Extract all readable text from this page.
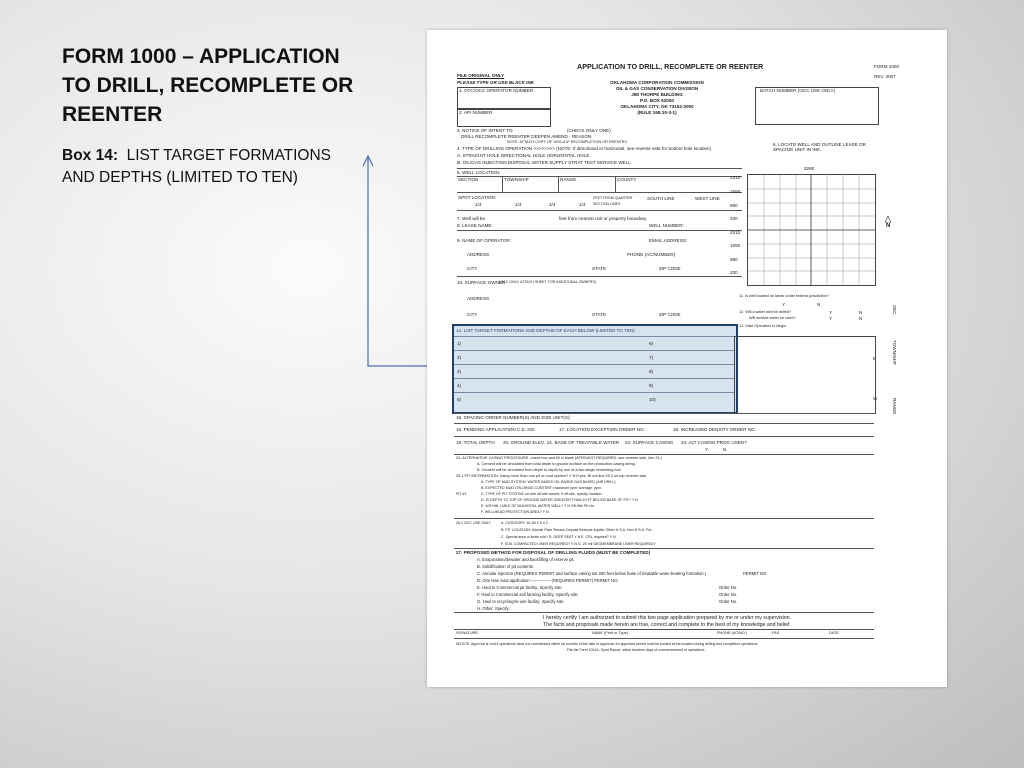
FORM 1000 – APPLICATION TO DRILL, RECOMPLETE OR REENTER
Box 14: LIST TARGET FORMATIONS AND DEPTHS (LIMITED TO TEN)
APPLICATION TO DRILL, RECOMPLETE OR REENTER	FORM 1000
REV. 2007
FILE ORIGINAL ONLY
PLEASE TYPE OR USE BLACK INK	OKLAHOMA CORPORATION COMMISSION
OIL & GAS CONSERVATION DIVISION
JIM THORPE BUILDING
P.O. BOX 52000
OKLAHOMA CITY, OK 73152-2000
(RULE 165:10-3-1)
1. OTC/OCC OPERATOR NUMBER
2. API NUMBER
BATCH NUMBER (OCC USE ONLY)
3. NOTICE OF INTENT TO:	(CHECK ONLY ONE)
DRILL RECOMPLETE REENTER DEEPEN AMEND - REASON
NOTE: ATTACH COPY OF 1002-A IF RECOMPLETION OR REENTRY.
4. TYPE OF DRILLING OPERATION >>>>>>>> (NOTE: If directional or horizontal, see reverse side for bottom hole location)
A. STRAIGHT HOLE DIRECTIONAL HOLE HORIZONTAL HOLE
B. OIL/GAS INJECTION DISPOSAL WATER SUPPLY STRAT TEST SERVICE WELL
6. LOCATE WELL AND OUTLINE LEASE OR SPACING UNIT IN INK.
5. WELL LOCATION:
SECTION	TOWNSHIP	RANGE	COUNTY
SPOT LOCATION:
1/4	1/4	1/4	1/4
FEET FROM QUARTER	SOUTH LINE	WEST LINE
SECTION LINES
7. Well will be	feet from nearest unit or property boundary.
8. LEASE NAME:	WELL NUMBER:
9. NAME OF OPERATOR:	EMAIL ADDRESS:
ADDRESS	PHONE (AC/NUMBER)
CITY	STATE	ZIP CODE
10. SURFACE OWNER
(OCC ONLY, ATTACH SHEET FOR ADDITIONAL OWNERS)
ADDRESS
CITY	STATE	ZIP CODE
5280
2310
1650
990
330
2310
1650
990
330
N
11. Is well located on lands under federal jurisdiction?
Y	N
12. Will a water well be drilled?	Y	N
Will surface water be used?	Y	N
13. Date Operation to Begin
SEC
TOWNSHIP
RANGE
W
E
14. LIST TARGET FORMATIONS AND DEPTHS OF EACH BELOW (LIMITED TO TEN)
1)	6)
2)	7)
3)	8)
4)	9)
5)	10)
15. SPACING ORDER NUMBER(S) AND SIZE UNIT(S):
16. PENDING APPLICATION C.D. NO.	17. LOCATION EXCEPTION ORDER NO.	18. INCREASED DENSITY ORDER NO.
19. TOTAL DEPTH 20. GROUND ELEV. 21. BASE OF TREATABLE WATER 22. SURFACE CASING 23. ALT CASING PROG USED?
Y	N
24. ALTERNATIVE CASING PROCEDURE, check box and fill in blank (AFFIDAVIT REQUIRED, see reverse side, line 21.)
A. Cement will be circulated from total depth to ground surface on the production casing string.
B. Cement will be circulated from depth to depth by use of a two stage cementing tool.
25.1 PIT INFORMATION: Using more than one pit or mud system? Y N If yes, fill out line 25.2 on top reverse side.
A. TYPE OF MUD SYSTEM: WATER BASED OIL BASED GAS BASED (AIR DRILL)
B. EXPECTED MUD CHLORIDE CONTENT: maximum ppm; average: ppm.
PIT #1	C. TYPE OF PIT SYSTEM: on-site off-site closed; If off-site, specify location:
D. IS DEPTH TO TOP OF GROUND WATER GREATER THAN 10 FT BELOW BASE OF PIT? Y N
E. WITHIN 1 MILE OF MUNICIPAL WATER WELL? Y N Off-Site Pit No.
F. WELLHEAD PROTECTION AREA? Y N
26.1 OCC USE ONLY	A. CATEGORY 1A 1B 2 3 4 C
B. PIT LOCATION: Alluvial Plain Terrace Deposit Bedrock Aquifer Other H.S.A. Non H.S.A. Fm:
C. Special area or limits rule? D. DEEP SEAT Y N E. CRL required? Y N
F. SOIL COMPACTED LINER REQUIRED? Y N G. 20 mil GEOMEMBRANE LINER REQUIRED?
27. PROPOSED METHOD FOR DISPOSAL OF DRILLING FLUIDS (MUST BE COMPLETED)
A. Evaporation/dewater and backfilling of reserve pit.
B. Solidification of pit contents.
C. Annular injection (REQUIRES PERMIT and surface casing set 200 feet below base of treatable water-bearing formation.)
D. One time land application -------------- (REQUIRES PERMIT) PERMIT NO.
E. Haul to Commercial pit facility; Specify site:
F. Haul to Commercial soil farming facility; Specify site:
G. Haul to recycling/re-use facility; Specify site:
H. Other. Specify:
PERMIT NO.
Order No.
Order No.
Order No.
I hereby certify I am authorized to submit this two page application prepared by me or under my supervision.
The facts and proposals made herein are true, correct and complete to the best of my knowledge and belief.
SIGNATURE	NAME (Print or Type)	PHONE (AC/NO.)	FAX	DATE
NOTICE: Approval is void if operations have not commenced within six months of the date of approval. An approved permit must be posted at the location during drilling and completion operations.
File the Form 1001A, Spud Report, within fourteen days of commencement of operations.
